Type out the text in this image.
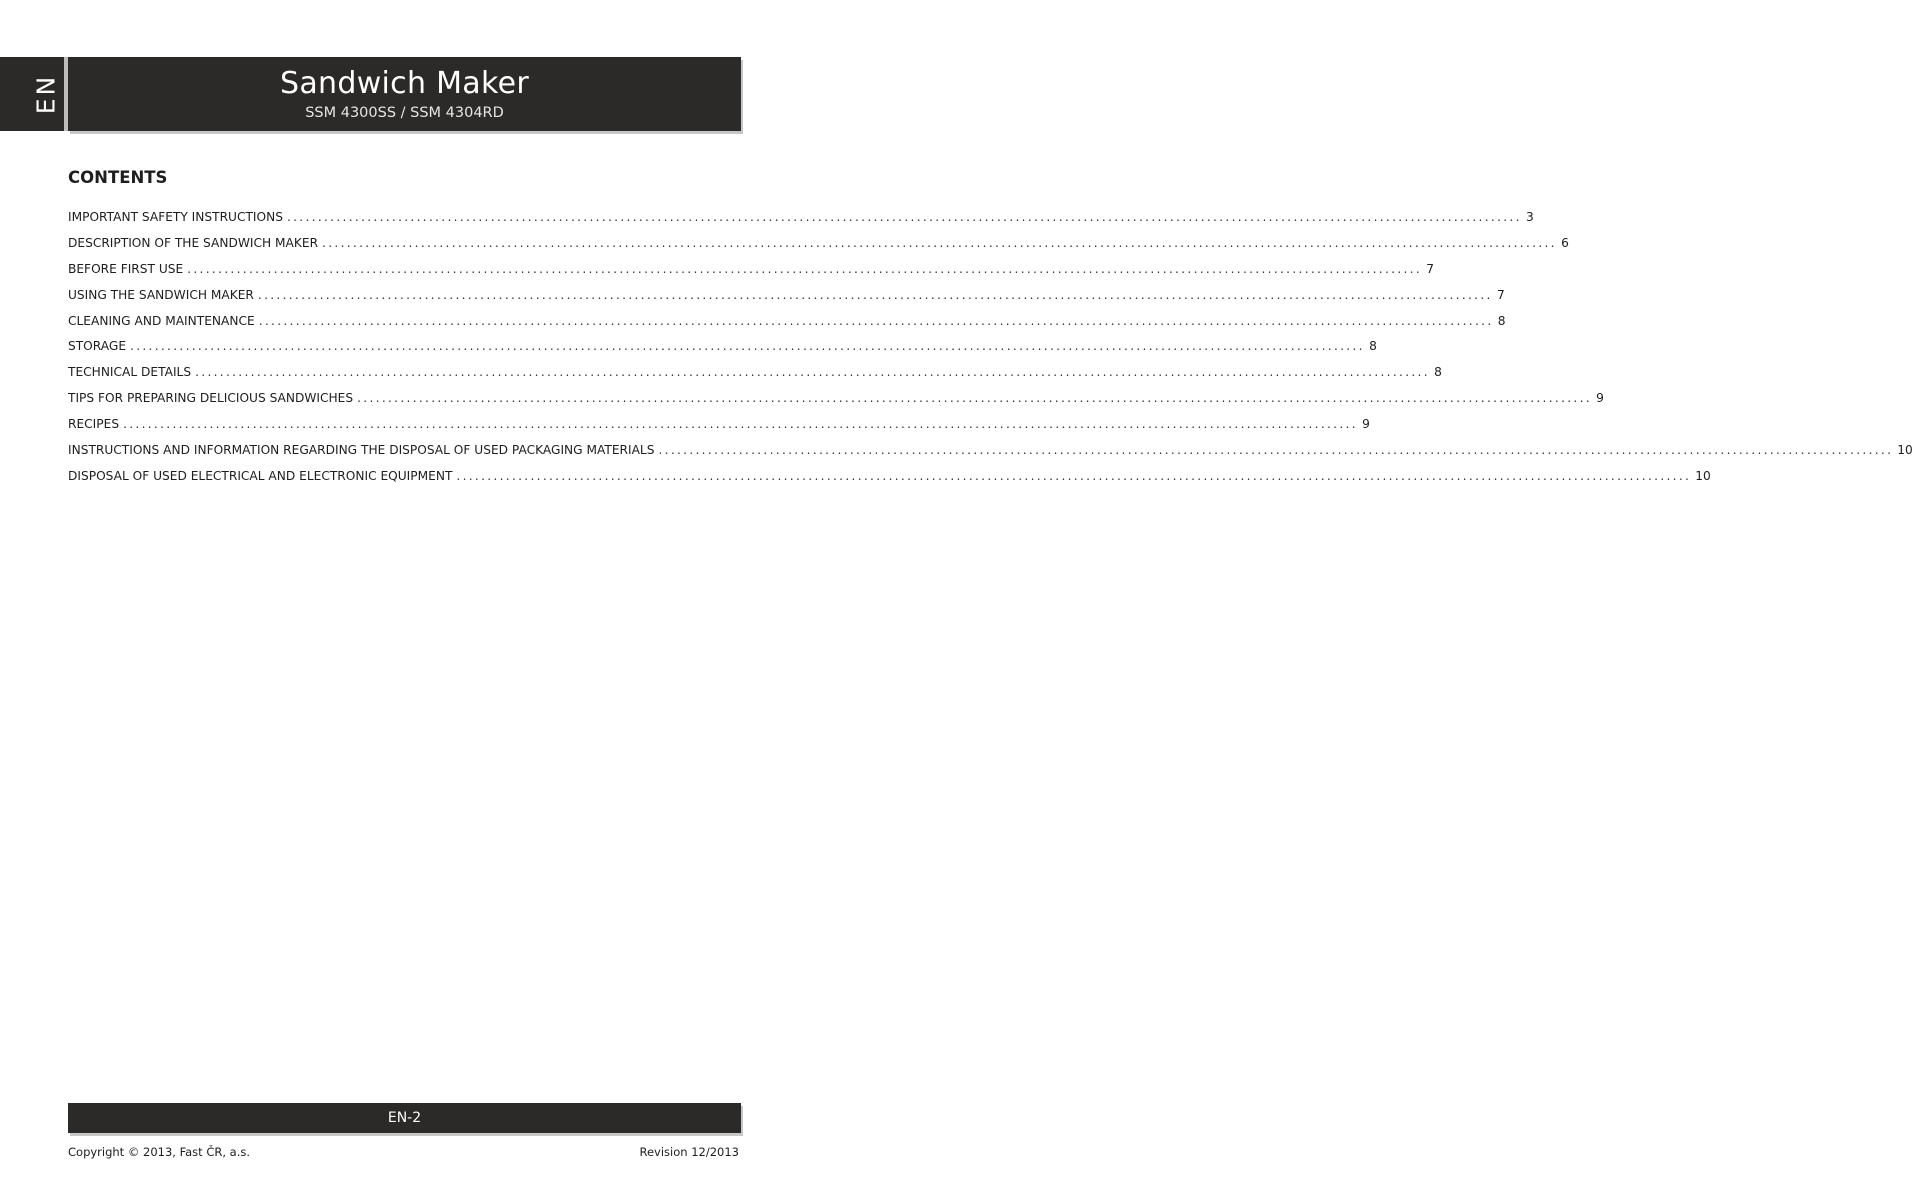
EN	Sandwich Maker
SSM 4300SS / SSM 4304RD
CONTENTS
IMPORTANT SAFETY INSTRUCTIONS ........................................................................................................................................................................................................ 3
DESCRIPTION OF THE SANDWICH MAKER ........................................................................................................................................................................................................ 6
BEFORE FIRST USE ........................................................................................................................................................................................................ 7
USING THE SANDWICH MAKER ........................................................................................................................................................................................................ 7
CLEANING AND MAINTENANCE ........................................................................................................................................................................................................ 8
STORAGE ........................................................................................................................................................................................................ 8
TECHNICAL DETAILS ........................................................................................................................................................................................................ 8
TIPS FOR PREPARING DELICIOUS SANDWICHES ........................................................................................................................................................................................................ 9
RECIPES ........................................................................................................................................................................................................ 9
INSTRUCTIONS AND INFORMATION REGARDING THE DISPOSAL OF USED PACKAGING MATERIALS ........................................................................................................................................................................................................ 10
DISPOSAL OF USED ELECTRICAL AND ELECTRONIC EQUIPMENT ........................................................................................................................................................................................................ 10
EN-2
Copyright © 2013, Fast ČR, a.s.	Revision 12/2013
